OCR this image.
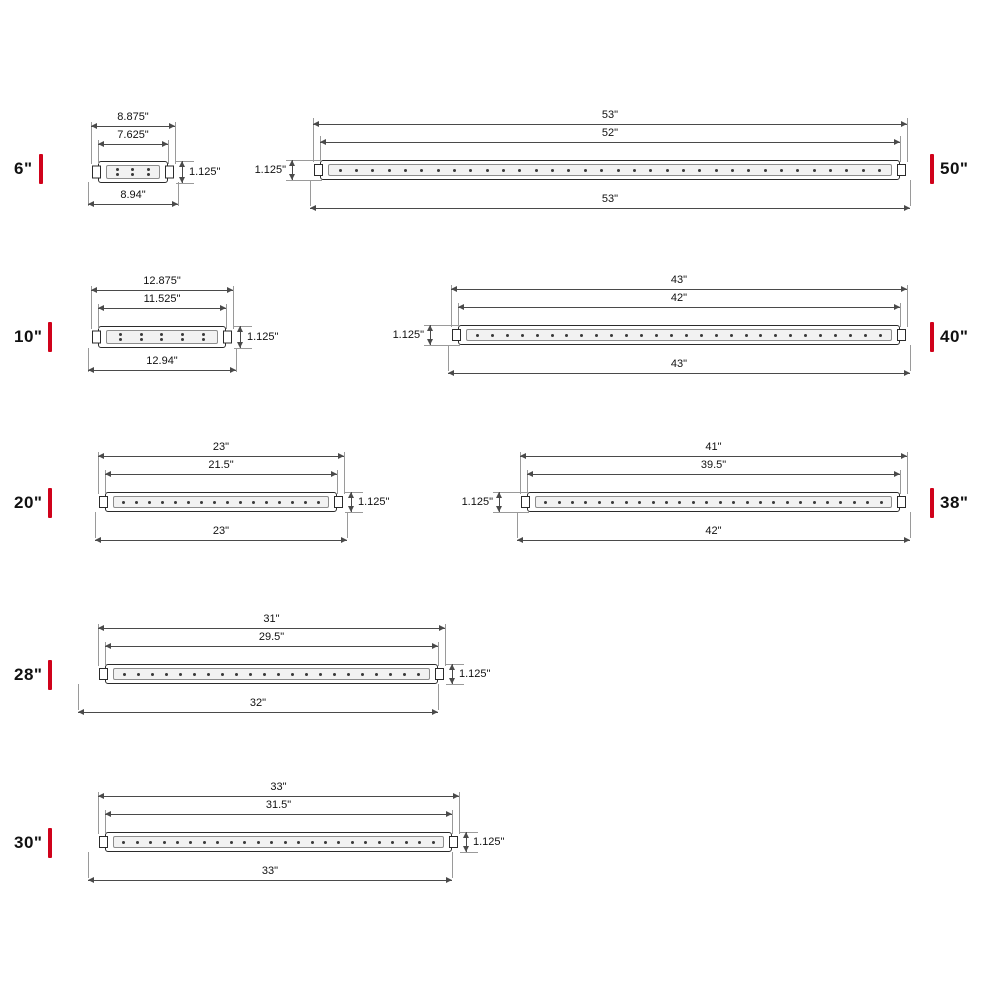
6"
8.875"
7.625"
8.94"
1.125"	50"
53"
52"
53"
1.125"
10"
12.875"
11.525"
12.94"
1.125"	40"
43"
42"
43"
1.125"
20"
23"
21.5"
23"
1.125"	38"
41"
39.5"
42"
1.125"
28"
31"
29.5"
32"
1.125"
30"
33"
31.5"
33"
1.125"
